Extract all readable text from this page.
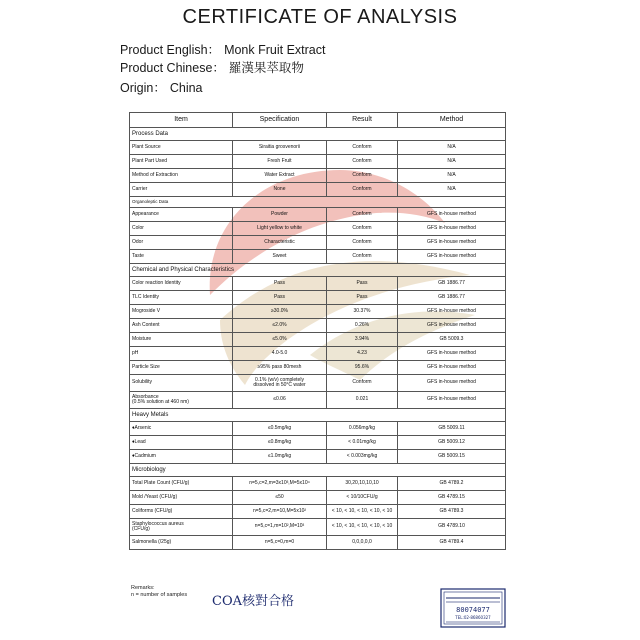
CERTIFICATE OF ANALYSIS
Product English： Monk Fruit Extract
Product Chinese： 羅漢果萃取物
Origin： China
Item	Specification	Result	Method
Process Data			
Plant Source	Siraitia grosvenorii	Conform	N/A
Plant Part Used	Fresh Fruit	Conform	N/A
Method of Extraction	Water Extract	Conform	N/A
Carrier	None	Conform	N/A
Organoleptic Data			
Appearance	Powder	Conform	GFS in-house method
Color	Light yellow to white	Conform	GFS in-house method
Odor	Characteristic	Conform	GFS in-house method
Taste	Sweet	Conform	GFS in-house method
Chemical and Physical Characteristics			
Color reaction Identity	Pass	Pass	GB 1886.77
TLC Identity	Pass	Pass	GB 1886.77
Mogroside V	≥30.0%	30.37%	GFS in-house method
Ash Content	≤2.0%	0.26%	GFS in-house method
Moisture	≤5.0%	3.94%	GB 5009.3
pH	4.0-5.0	4.23	GFS in-house method
Particle Size	≥95% pass 80mesh	95.6%	GFS in-house method
Solubility	0.1% (w/v) completely
dissolved in 50°C water	Conform	GFS in-house method
Absorbance
(0.5% solution at 460 nm)	≤0.06	0.021	GFS in-house method
Heavy Metals			
♦Arsenic	≤0.5mg/kg	0.056mg/kg	GB 5009.11
♦Lead	≤0.8mg/kg	< 0.01mg/kg	GB 5009.12
♦Cadmium	≤1.0mg/kg	< 0.003mg/kg	GB 5009.15
Microbiology			
Total Plate Count (CFU/g)	n=5,c=2,m=3x10³,M=5x10⁴	30,20,10,10,10	GB 4789.2
Mold /Yeast (CFU/g)	≤50	< 10/10CFU/g	GB 4789.15
Coliforms (CFU/g)	n=5,c=2,m=10,M=5x10²	< 10, < 10, < 10, < 10, < 10	GB 4789.3
Staphylococcus aureus
(CFU/g)	n=5,c=1,m=10²,M=10³	< 10, < 10, < 10, < 10, < 10	GB 4789.10
Salmonella (/25g)	n=5,c=0,m=0	0,0,0,0,0	GB 4789.4
Remarks:
n = number of samples COA核對合格
80074077
TEL:02-86860327
